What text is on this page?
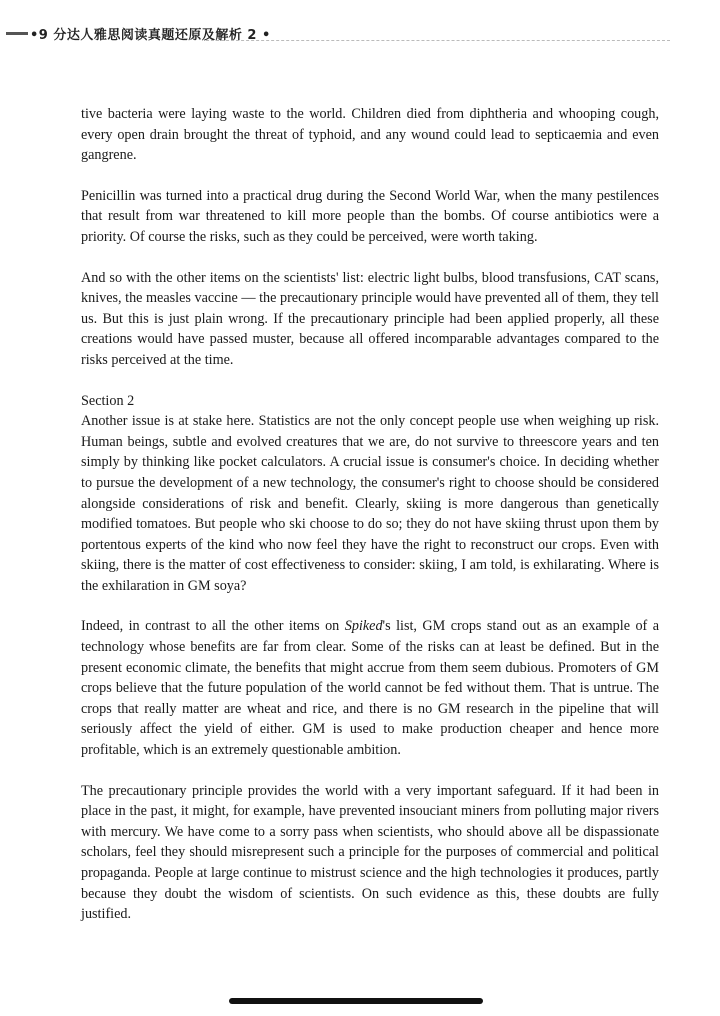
•9 分达人雅思阅读真题还原及解析 2 •

tive bacteria were laying waste to the world. Children died from diphtheria and whooping cough, every open drain brought the threat of typhoid, and any wound could lead to septicaemia and even gangrene.

Penicillin was turned into a practical drug during the Second World War, when the many pestilences that result from war threatened to kill more people than the bombs. Of course antibiotics were a priority. Of course the risks, such as they could be perceived, were worth taking.

And so with the other items on the scientists' list: electric light bulbs, blood transfusions, CAT scans, knives, the measles vaccine — the precautionary principle would have prevented all of them, they tell us. But this is just plain wrong. If the precautionary principle had been applied properly, all these creations would have passed muster, because all offered incomparable advantages compared to the risks perceived at the time.

Section 2

Another issue is at stake here. Statistics are not the only concept people use when weighing up risk. Human beings, subtle and evolved creatures that we are, do not survive to threescore years and ten simply by thinking like pocket calculators. A crucial issue is consumer's choice. In deciding whether to pursue the development of a new technology, the consumer's right to choose should be considered alongside considerations of risk and benefit. Clearly, skiing is more dangerous than genetically modified tomatoes. But people who ski choose to do so; they do not have skiing thrust upon them by portentous experts of the kind who now feel they have the right to reconstruct our crops. Even with skiing, there is the matter of cost effectiveness to consider: skiing, I am told, is exhilarating. Where is the exhilaration in GM soya?

Indeed, in contrast to all the other items on Spiked's list, GM crops stand out as an example of a technology whose benefits are far from clear. Some of the risks can at least be defined. But in the present economic climate, the benefits that might accrue from them seem dubious. Promoters of GM crops believe that the future population of the world cannot be fed without them. That is untrue. The crops that really matter are wheat and rice, and there is no GM research in the pipeline that will seriously affect the yield of either. GM is used to make production cheaper and hence more profitable, which is an extremely questionable ambition.

The precautionary principle provides the world with a very important safeguard. If it had been in place in the past, it might, for example, have prevented insouciant miners from polluting major rivers with mercury. We have come to a sorry pass when scientists, who should above all be dispassionate scholars, feel they should misrepresent such a principle for the purposes of commercial and political propaganda. People at large continue to mistrust science and the high technologies it produces, partly because they doubt the wisdom of scientists. On such evidence as this, these doubts are fully justified.
